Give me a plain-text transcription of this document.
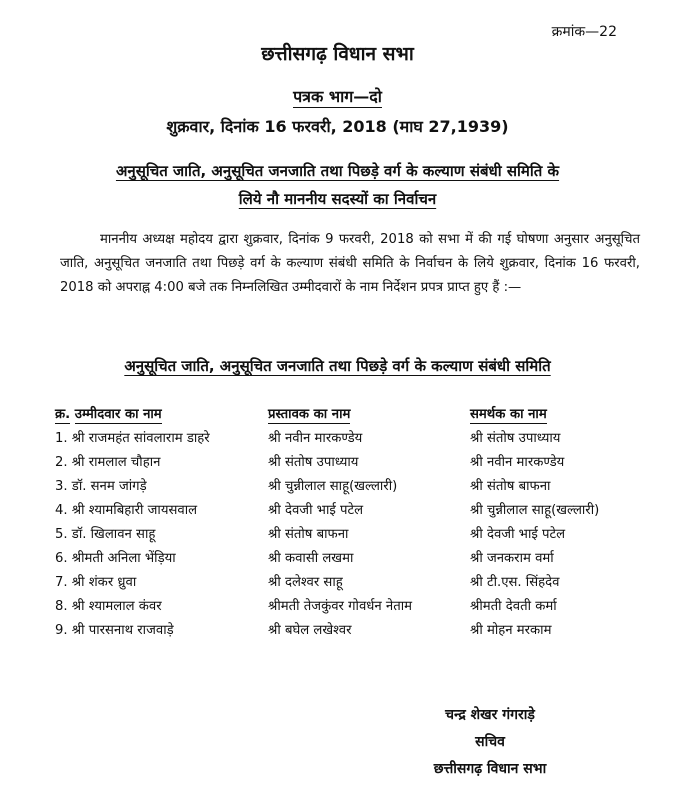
क्रमांक—22
छत्तीसगढ़ विधान सभा
पत्रक भाग—दो
शुक्रवार, दिनांक 16 फरवरी, 2018 (माघ 27,1939)
अनुसूचित जाति, अनुसूचित जनजाति तथा पिछड़े वर्ग के कल्याण संबंधी समिति के
लिये नौ माननीय सदस्यों का निर्वाचन

माननीय अध्यक्ष महोदय द्वारा शुक्रवार, दिनांक 9 फरवरी, 2018 को सभा में की गई घोषणा अनुसार अनुसूचित जाति, अनुसूचित जनजाति तथा पिछड़े वर्ग के कल्याण संबंधी समिति के निर्वाचन के लिये शुक्रवार, दिनांक 16 फरवरी, 2018 को अपराह्न 4:00 बजे तक निम्नलिखित उम्मीदवारों के नाम निर्देशन प्रपत्र प्राप्त हुए हैं :—

अनुसूचित जाति, अनुसूचित जनजाति तथा पिछड़े वर्ग के कल्याण संबंधी समिति
क्र. उम्मीदवार का नाम	प्रस्तावक का नाम	समर्थक का नाम
1. श्री राजमहंत सांवलाराम डाहरे	श्री नवीन मारकण्डेय	श्री संतोष उपाध्याय
2. श्री रामलाल चौहान	श्री संतोष उपाध्याय	श्री नवीन मारकण्डेय
3. डॉ. सनम जांगड़े	श्री चुन्नीलाल साहू(खल्लारी)	श्री संतोष बाफना
4. श्री श्यामबिहारी जायसवाल	श्री देवजी भाई पटेल	श्री चुन्नीलाल साहू(खल्लारी)
5. डॉ. खिलावन साहू	श्री संतोष बाफना	श्री देवजी भाई पटेल
6. श्रीमती अनिला भेंड़िया	श्री कवासी लखमा	श्री जनकराम वर्मा
7. श्री शंकर ध्रुवा	श्री दलेश्वर साहू	श्री टी.एस. सिंहदेव
8. श्री श्यामलाल कंवर	श्रीमती तेजकुंवर गोवर्धन नेताम	श्रीमती देवती कर्मा
9. श्री पारसनाथ राजवाड़े	श्री बघेल लखेश्वर	श्री मोहन मरकाम
चन्द्र शेखर गंगराड़े
सचिव
छत्तीसगढ़ विधान सभा
